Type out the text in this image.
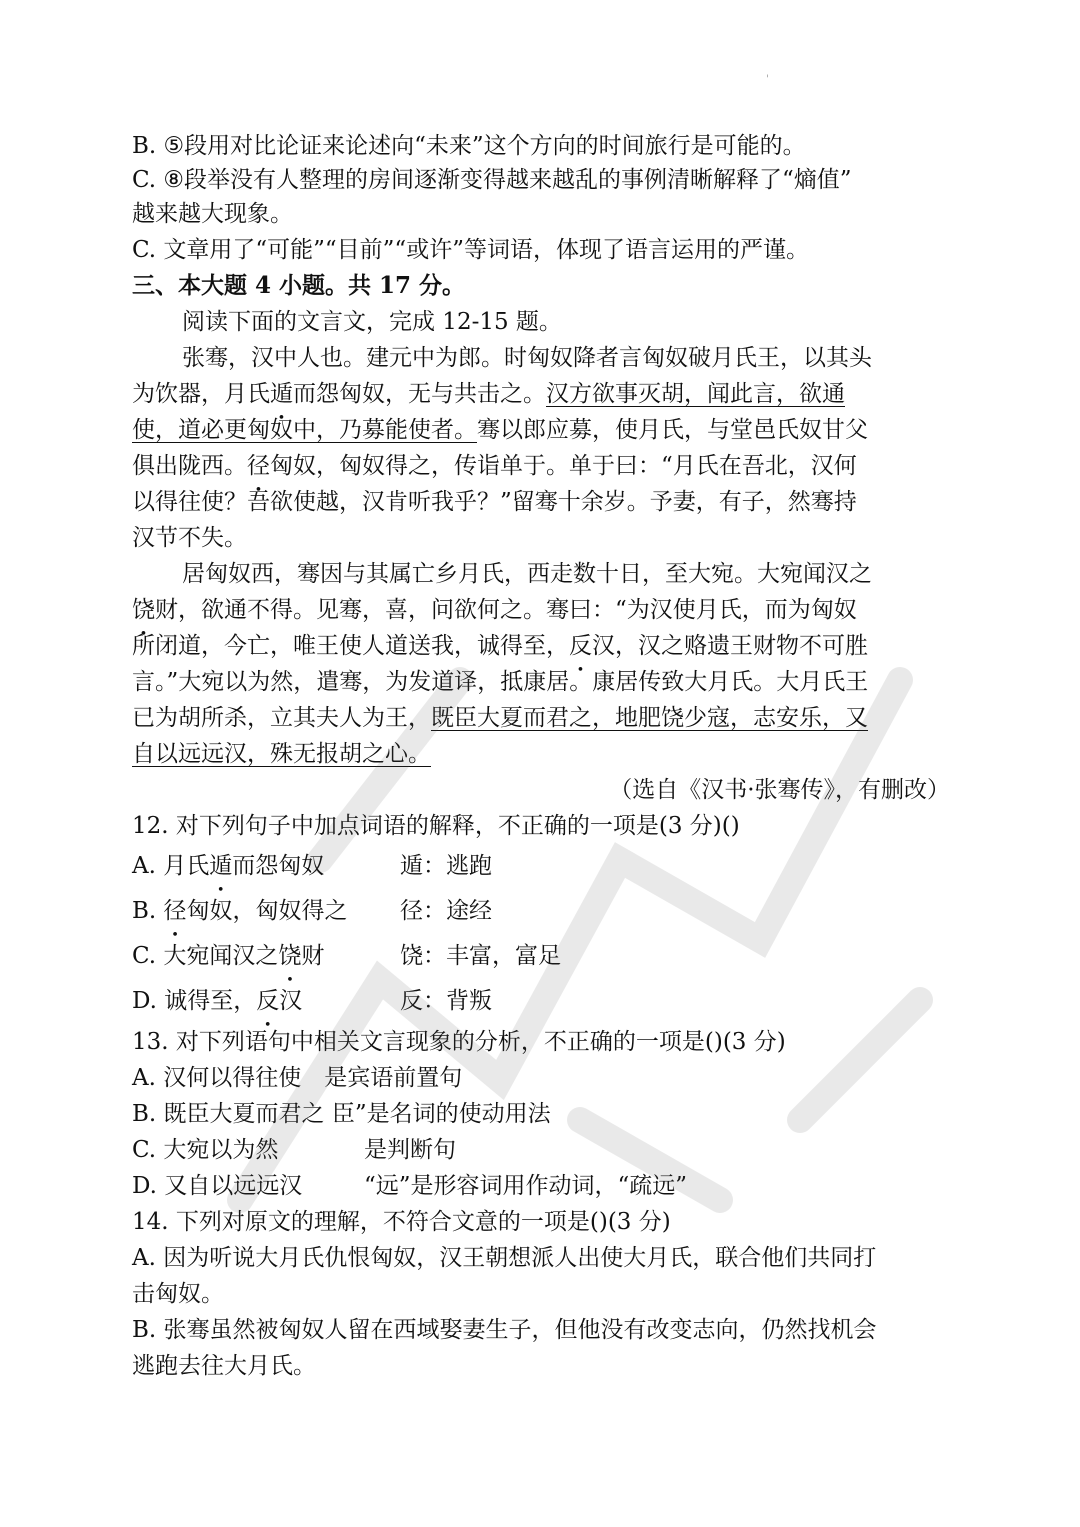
'
B. ⑤段用对比论证来论述向“未来”这个方向的时间旅行是可能的。
C. ⑧段举没有人整理的房间逐渐变得越来越乱的事例清晰解释了“熵值”
越来越大现象。
C. 文章用了“可能”“目前”“或许”等词语，体现了语言运用的严谨。
三、本大题 4 小题。共 17 分。
阅读下面的文言文，完成 12-15 题。
张骞，汉中人也。建元中为郎。时匈奴降者言匈奴破月氏王，以其头
为饮器，月氏遁而怨匈奴，无与共击之。汉方欲事灭胡，闻此言，欲通
使，道必更匈奴中，乃募能使者。骞以郎应募，使月氏，与堂邑氏奴甘父
俱出陇西。径匈奴，匈奴得之，传诣单于。单于曰：“月氏在吾北，汉何
以得往使？吾欲使越，汉肯听我乎？”留骞十余岁。予妻，有子，然骞持
汉节不失。
居匈奴西，骞因与其属亡乡月氏，西走数十日，至大宛。大宛闻汉之
饶财，欲通不得。见骞，喜，问欲何之。骞曰：“为汉使月氏，而为匈奴
所闭道，今亡，唯王使人道送我，诚得至，反汉，汉之赂遗王财物不可胜
言。”大宛以为然，遣骞，为发道译，抵康居。康居传致大月氏。大月氏王
已为胡所杀，立其夫人为王，既臣大夏而君之，地肥饶少寇，志安乐，又
自以远远汉，殊无报胡之心。
（选自《汉书·张骞传》，有删改）
12. 对下列句子中加点词语的解释，不正确的一项是(3 分)()
A. 月氏遁而怨匈奴	遁：逃跑
B. 径匈奴，匈奴得之 径：途经
C. 大宛闻汉之饶财	饶：丰富，富足
D. 诚得至，反汉	反：背叛
13. 对下列语句中相关文言现象的分析，不正确的一项是()(3 分)
A. 汉何以得往使　是宾语前置句
B. 既臣大夏而君之 臣”是名词的使动用法
C. 大宛以为然	是判断句
D. 又自以远远汉	“远”是形容词用作动词，“疏远”
14. 下列对原文的理解，不符合文意的一项是()(3 分)
A. 因为听说大月氏仇恨匈奴，汉王朝想派人出使大月氏，联合他们共同打
击匈奴。
B. 张骞虽然被匈奴人留在西域娶妻生子，但他没有改变志向，仍然找机会
逃跑去往大月氏。
